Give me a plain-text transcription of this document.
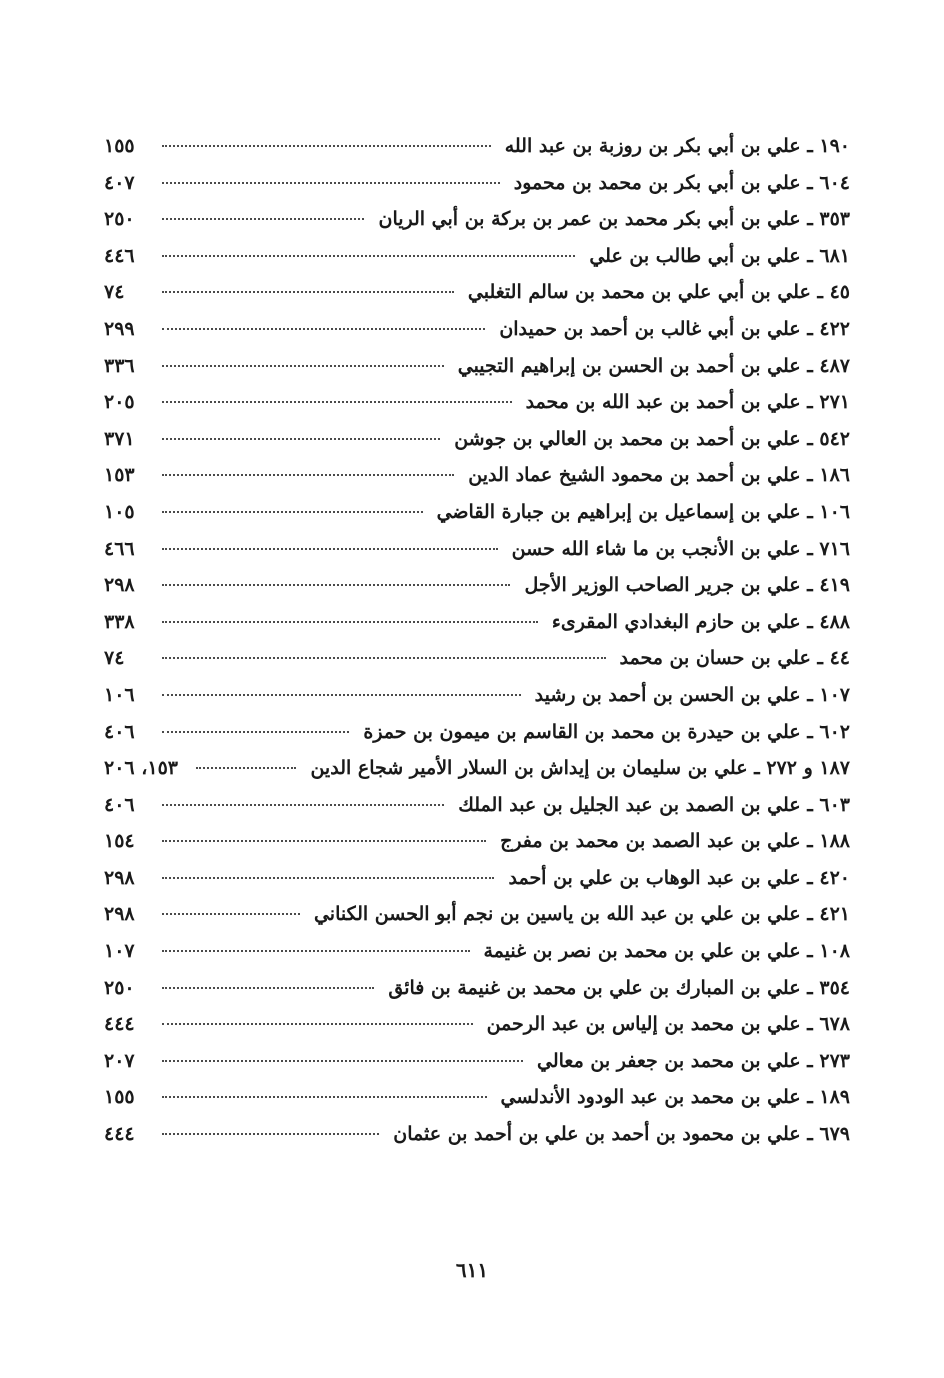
١٩٠ ـ علي بن أبي بكر بن روزبة بن عبد الله
١٥٥
٦٠٤ ـ علي بن أبي بكر بن محمد بن محمود
٤٠٧
٣٥٣ ـ علي بن أبي بكر محمد بن عمر بن بركة بن أبي الريان
٢٥٠
٦٨١ ـ علي بن أبي طالب بن علي
٤٤٦
٤٥ ـ علي بن أبي علي بن محمد بن سالم التغلبي
٧٤
٤٢٢ ـ علي بن أبي غالب بن أحمد بن حميدان
٢٩٩
٤٨٧ ـ علي بن أحمد بن الحسن بن إبراهيم التجيبي
٣٣٦
٢٧١ ـ علي بن أحمد بن عبد الله بن محمد
٢٠٥
٥٤٢ ـ علي بن أحمد بن محمد بن العالي بن جوشن
٣٧١
١٨٦ ـ علي بن أحمد بن محمود الشيخ عماد الدين
١٥٣
١٠٦ ـ علي بن إسماعيل بن إبراهيم بن جبارة القاضي
١٠٥
٧١٦ ـ علي بن الأنجب بن ما شاء الله حسن
٤٦٦
٤١٩ ـ علي بن جرير الصاحب الوزير الأجل
٢٩٨
٤٨٨ ـ علي بن حازم البغدادي المقرىء
٣٣٨
٤٤ ـ علي بن حسان بن محمد
٧٤
١٠٧ ـ علي بن الحسن بن أحمد بن رشيد
١٠٦
٦٠٢ ـ علي بن حيدرة بن محمد بن القاسم بن ميمون بن حمزة
٤٠٦
١٨٧ و ٢٧٢ ـ علي بن سليمان بن إيداش بن السلار الأمير شجاع الدين
١٥٣، ٢٠٦
٦٠٣ ـ علي بن الصمد بن عبد الجليل بن عبد الملك
٤٠٦
١٨٨ ـ علي بن عبد الصمد بن محمد بن مفرج
١٥٤
٤٢٠ ـ علي بن عبد الوهاب بن علي بن أحمد
٢٩٨
٤٢١ ـ علي بن علي بن عبد الله بن ياسين بن نجم أبو الحسن الكناني
٢٩٨
١٠٨ ـ علي بن علي بن محمد بن نصر بن غنيمة
١٠٧
٣٥٤ ـ علي بن المبارك بن علي بن محمد بن غنيمة بن فائق
٢٥٠
٦٧٨ ـ علي بن محمد بن إلياس بن عبد الرحمن
٤٤٤
٢٧٣ ـ علي بن محمد بن جعفر بن معالي
٢٠٧
١٨٩ ـ علي بن محمد بن عبد الودود الأندلسي
١٥٥
٦٧٩ ـ علي بن محمود بن أحمد بن علي بن أحمد بن عثمان
٤٤٤
٦١١
